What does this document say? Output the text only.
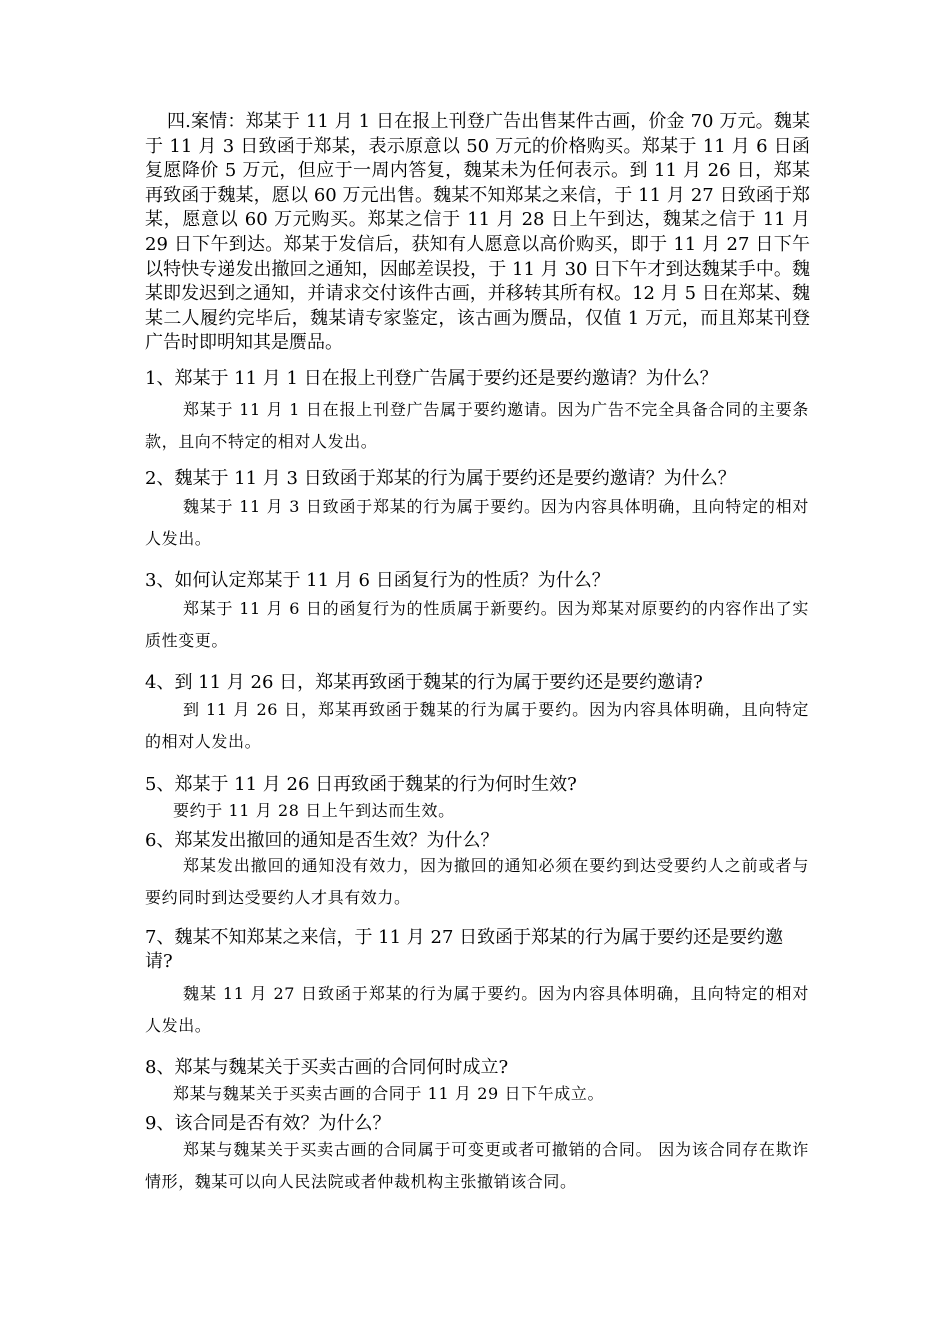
四.案情：郑某于 11 月 1 日在报上刊登广告出售某件古画，价金 70 万元。魏某于 11 月 3 日致函于郑某，表示原意以 50 万元的价格购买。郑某于 11 月 6 日函复愿降价 5 万元，但应于一周内答复，魏某未为任何表示。到 11 月 26 日，郑某再致函于魏某，愿以 60 万元出售。魏某不知郑某之来信，于 11 月 27 日致函于郑某，愿意以 60 万元购买。郑某之信于 11 月 28 日上午到达，魏某之信于 11 月 29 日下午到达。郑某于发信后，获知有人愿意以高价购买，即于 11 月 27 日下午以特快专递发出撤回之通知，因邮差误投，于 11 月 30 日下午才到达魏某手中。魏某即发迟到之通知，并请求交付该件古画，并移转其所有权。12 月 5 日在郑某、魏某二人履约完毕后，魏某请专家鉴定，该古画为赝品，仅值 1 万元，而且郑某刊登广告时即明知其是赝品。
1、郑某于 11 月 1 日在报上刊登广告属于要约还是要约邀请？为什么？
郑某于 11 月 1 日在报上刊登广告属于要约邀请。因为广告不完全具备合同的主要条款，且向不特定的相对人发出。
2、魏某于 11 月 3 日致函于郑某的行为属于要约还是要约邀请？为什么？
魏某于 11 月 3 日致函于郑某的行为属于要约。因为内容具体明确，且向特定的相对人发出。
3、如何认定郑某于 11 月 6 日函复行为的性质？为什么？
郑某于 11 月 6 日的函复行为的性质属于新要约。因为郑某对原要约的内容作出了实质性变更。
4、到 11 月 26 日，郑某再致函于魏某的行为属于要约还是要约邀请?
到 11 月 26 日，郑某再致函于魏某的行为属于要约。因为内容具体明确，且向特定的相对人发出。
5、郑某于 11 月 26 日再致函于魏某的行为何时生效?
要约于 11 月 28 日上午到达而生效。
6、郑某发出撤回的通知是否生效？为什么？
郑某发出撤回的通知没有效力，因为撤回的通知必须在要约到达受要约人之前或者与要约同时到达受要约人才具有效力。
7、魏某不知郑某之来信，于 11 月 27 日致函于郑某的行为属于要约还是要约邀请?
魏某 11 月 27 日致函于郑某的行为属于要约。因为内容具体明确，且向特定的相对人发出。
8、郑某与魏某关于买卖古画的合同何时成立?
郑某与魏某关于买卖古画的合同于 11 月 29 日下午成立。
9、该合同是否有效？为什么？
郑某与魏某关于买卖古画的合同属于可变更或者可撤销的合同。 因为该合同存在欺诈情形，魏某可以向人民法院或者仲裁机构主张撤销该合同。
